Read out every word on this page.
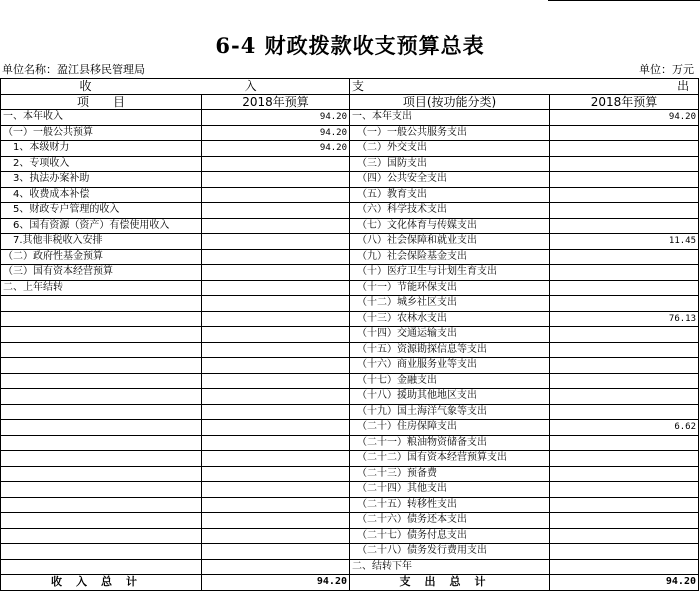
6-4 财政拨款收支预算总表
单位名称：盈江县移民管理局	单位：万元
收 入		支 出	
项　　目	2018年预算	项目(按功能分类)	2018年预算
一、本年收入	94.20	一、本年支出	94.20
（一）一般公共预算	94.20	　（一）一般公共服务支出	
　1、本级财力	94.20	　（二）外交支出	
　2、专项收入		　（三）国防支出	
　3、执法办案补助		　（四）公共安全支出	
　4、收费成本补偿		　（五）教育支出	
　5、财政专户管理的收入		　（六）科学技术支出	
　6、国有资源（资产）有偿使用收入		　（七）文化体育与传媒支出	
　7.其他非税收入安排		　（八）社会保障和就业支出	11.45
（二）政府性基金预算		　（九）社会保险基金支出	
（三）国有资本经营预算		　（十）医疗卫生与计划生育支出	
二、上年结转		　（十一）节能环保支出	
		　（十二）城乡社区支出	
		　（十三）农林水支出	76.13
		　（十四）交通运输支出	
		　（十五）资源勘探信息等支出	
		　（十六）商业服务业等支出	
		　（十七）金融支出	
		　（十八）援助其他地区支出	
		　（十九）国土海洋气象等支出	
		　（二十）住房保障支出	6.62
		　（二十一）粮油物资储备支出	
		　（二十二）国有资本经营预算支出	
		　（二十三）预备费	
		　（二十四）其他支出	
		　（二十五）转移性支出	
		　（二十六）债务还本支出	
		　（二十七）债务付息支出	
		　（二十八）债务发行费用支出	
		二、结转下年	
收入总计	94.20	支出总计	94.20
